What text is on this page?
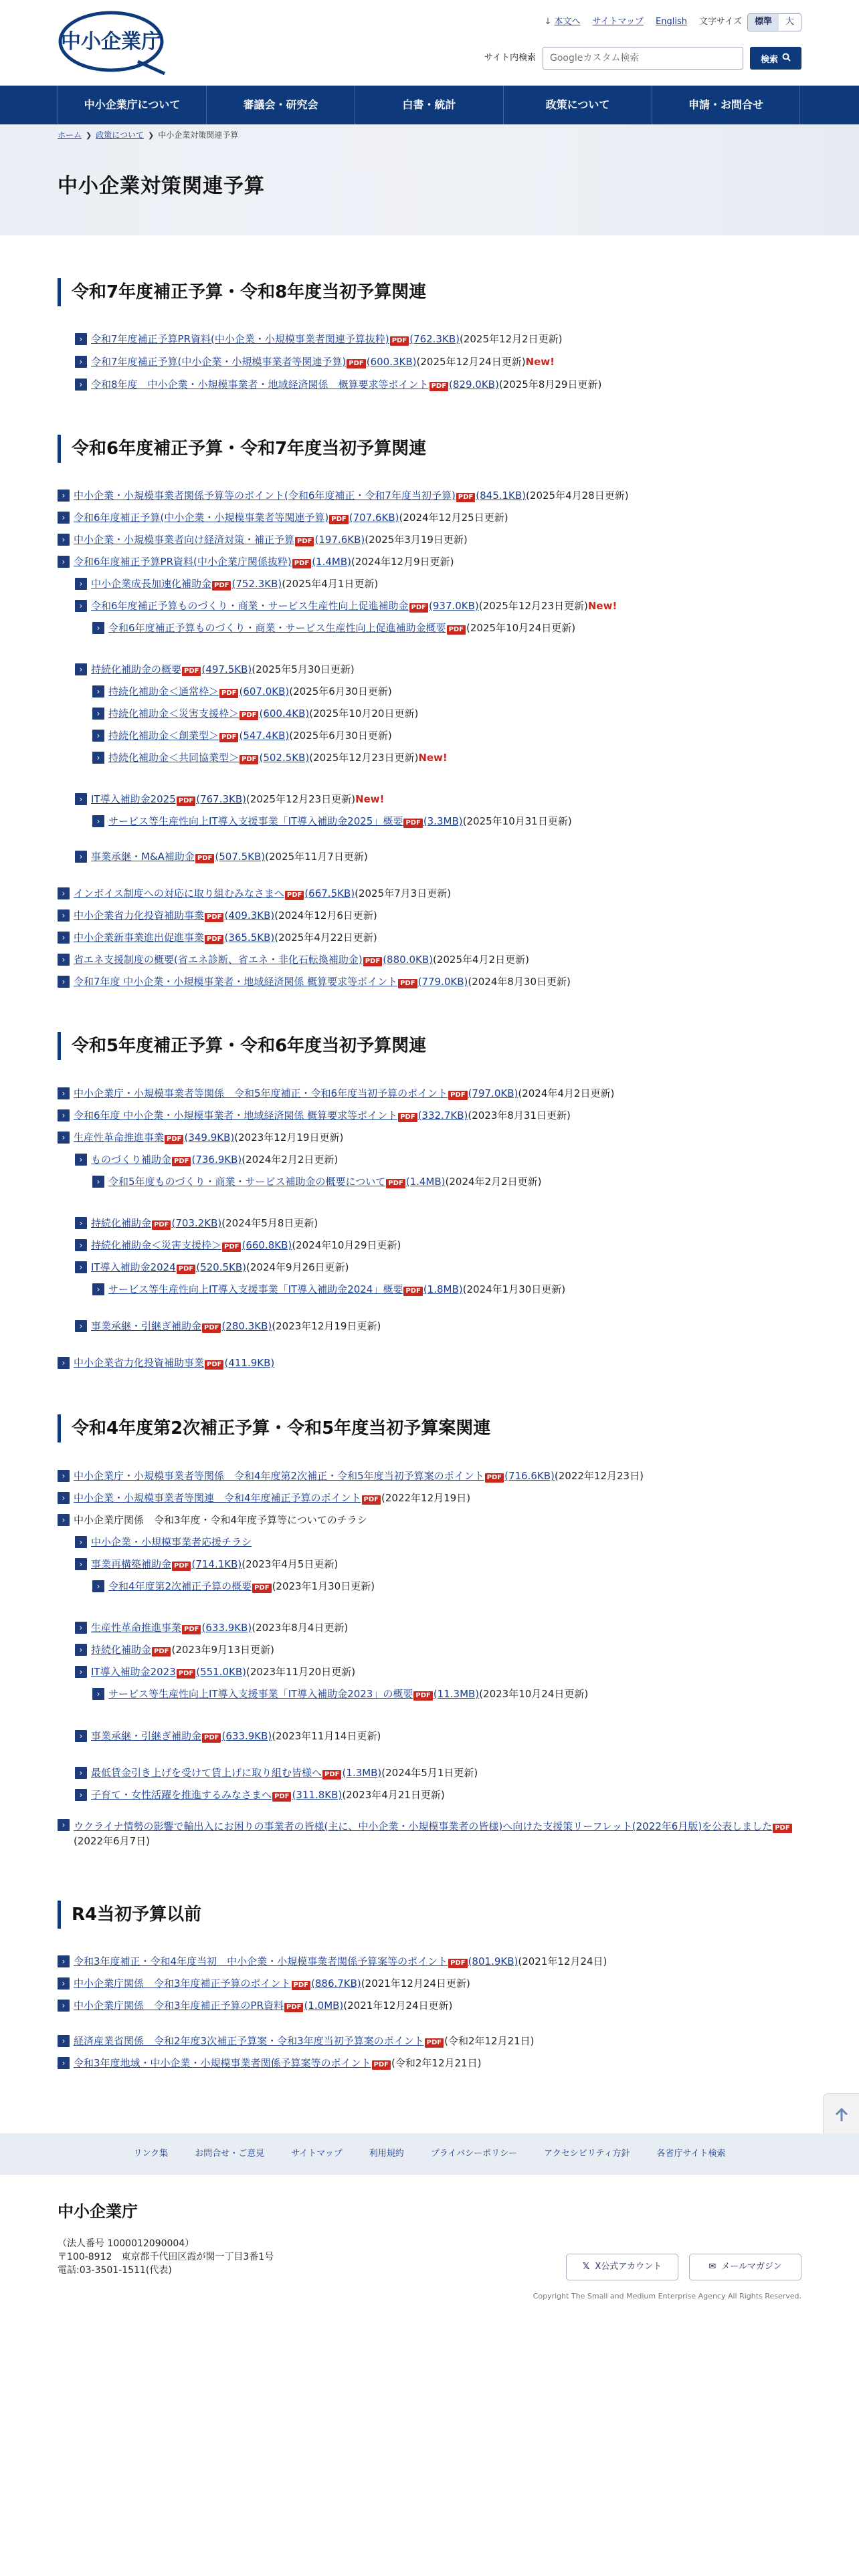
中小企業庁
↓ 本文へ サイトマップ English 文字サイズ	標準	大
サイト内検索
Googleカスタム検索	検索
中小企業庁について	審議会・研究会	白書・統計	政策について	申請・お問合せ
ホーム ❯ 政策について ❯ 中小企業対策関連予算
中小企業対策関連予算
令和7年度補正予算・令和8年度当初予算関連
令和6年度補正予算・令和7年度当初予算関連
令和5年度補正予算・令和6年度当初予算関連
令和4年度第2次補正予算・令和5年度当初予算案関連
R4当初予算以前
› 令和7年度補正予算PR資料(中小企業・小規模事業者関連予算抜粋) PDF (762.3KB)(2025年12月2日更新)
› 令和7年度補正予算(中小企業・小規模事業者等関連予算) PDF (600.3KB)(2025年12月24日更新)New!
› 令和8年度　中小企業・小規模事業者・地域経済関係　概算要求等ポイント PDF (829.0KB)(2025年8月29日更新)
› 中小企業・小規模事業者関係予算等のポイント(令和6年度補正・令和7年度当初予算) PDF (845.1KB)(2025年4月28日更新)
› 令和6年度補正予算(中小企業・小規模事業者等関連予算) PDF (707.6KB)(2024年12月25日更新)
› 中小企業・小規模事業者向け経済対策・補正予算 PDF (197.6KB)(2025年3月19日更新)
› 令和6年度補正予算PR資料(中小企業庁関係抜粋) PDF (1.4MB)(2024年12月9日更新)
› 中小企業成長加速化補助金 PDF (752.3KB)(2025年4月1日更新)
› 令和6年度補正予算ものづくり・商業・サービス生産性向上促進補助金 PDF (937.0KB)(2025年12月23日更新)New!
› 令和6年度補正予算ものづくり・商業・サービス生産性向上促進補助金概要 PDF (2025年10月24日更新)
› 持続化補助金の概要 PDF (497.5KB)(2025年5月30日更新)
› 持続化補助金＜通常枠＞ PDF (607.0KB)(2025年6月30日更新)
› 持続化補助金＜災害支援枠＞ PDF (600.4KB)(2025年10月20日更新)
› 持続化補助金＜創業型＞ PDF (547.4KB)(2025年6月30日更新)
› 持続化補助金＜共同協業型＞ PDF (502.5KB)(2025年12月23日更新)New!
› IT導入補助金2025 PDF (767.3KB)(2025年12月23日更新)New!
› サービス等生産性向上IT導入支援事業「IT導入補助金2025」概要 PDF (3.3MB)(2025年10月31日更新)
› 事業承継・M&A補助金 PDF (507.5KB)(2025年11月7日更新)
› インボイス制度への対応に取り組むみなさまへ PDF (667.5KB)(2025年7月3日更新)
› 中小企業省力化投資補助事業 PDF (409.3KB)(2024年12月6日更新)
› 中小企業新事業進出促進事業 PDF (365.5KB)(2025年4月22日更新)
› 省エネ支援制度の概要(省エネ診断、省エネ・非化石転換補助金) PDF (880.0KB)(2025年4月2日更新)
› 令和7年度 中小企業・小規模事業者・地域経済関係 概算要求等ポイント PDF (779.0KB)(2024年8月30日更新)
› 中小企業庁・小規模事業者等関係　令和5年度補正・令和6年度当初予算のポイント PDF (797.0KB)(2024年4月2日更新)
› 令和6年度 中小企業・小規模事業者・地域経済関係 概算要求等ポイント PDF (332.7KB)(2023年8月31日更新)
› 生産性革命推進事業 PDF (349.9KB)(2023年12月19日更新)
› ものづくり補助金 PDF (736.9KB)(2024年2月2日更新)
› 令和5年度ものづくり・商業・サービス補助金の概要について PDF (1.4MB)(2024年2月2日更新)
› 持続化補助金 PDF (703.2KB)(2024年5月8日更新)
› 持続化補助金＜災害支援枠＞ PDF (660.8KB)(2024年10月29日更新)
› IT導入補助金2024 PDF (520.5KB)(2024年9月26日更新)
› サービス等生産性向上IT導入支援事業「IT導入補助金2024」概要 PDF (1.8MB)(2024年1月30日更新)
› 事業承継・引継ぎ補助金 PDF (280.3KB)(2023年12月19日更新)
› 中小企業省力化投資補助事業 PDF (411.9KB)
› 中小企業庁・小規模事業者等関係　令和4年度第2次補正・令和5年度当初予算案のポイント PDF (716.6KB)(2022年12月23日)
› 中小企業・小規模事業者等関連　令和4年度補正予算のポイント PDF (2022年12月19日)
› 中小企業庁関係　令和3年度・令和4年度予算等についてのチラシ
› 中小企業・小規模事業者応援チラシ
› 事業再構築補助金 PDF (714.1KB)(2023年4月5日更新)
› 令和4年度第2次補正予算の概要 PDF (2023年1月30日更新)
› 生産性革命推進事業 PDF (633.9KB)(2023年8月4日更新)
› 持続化補助金 PDF (2023年9月13日更新)
› IT導入補助金2023 PDF (551.0KB)(2023年11月20日更新)
› サービス等生産性向上IT導入支援事業「IT導入補助金2023」の概要 PDF (11.3MB)(2023年10月24日更新)
› 事業承継・引継ぎ補助金 PDF (633.9KB)(2023年11月14日更新)
› 最低賃金引き上げを受けて賃上げに取り組む皆様へ PDF (1.3MB)(2024年5月1日更新)
› 子育て・女性活躍を推進するみなさまへ PDF (311.8KB)(2023年4月21日更新)
› ウクライナ情勢の影響で輸出入にお困りの事業者の皆様(主に、中小企業・小規模事業者の皆様)へ向けた支援策リーフレット(2022年6月版)を公表しました PDF(2022年6月7日)
› 令和3年度補正・令和4年度当初　中小企業・小規模事業者関係予算案等のポイント PDF (801.9KB)(2021年12月24日)
› 中小企業庁関係　令和3年度補正予算のポイント PDF (886.7KB)(2021年12月24日更新)
› 中小企業庁関係　令和3年度補正予算のPR資料 PDF (1.0MB)(2021年12月24日更新)
› 経済産業省関係　令和2年度3次補正予算案・令和3年度当初予算案のポイント PDF (令和2年12月21日)
› 令和3年度地域・中小企業・小規模事業者関係予算案等のポイント PDF (令和2年12月21日)
リンク集	お問合せ・ご意見	サイトマップ	利用規約	プライバシーポリシー	アクセシビリティ方針	各省庁サイト検索
中小企業庁
（法人番号 1000012090004）
〒100-8912　東京都千代田区霞が関一丁目3番1号
電話:03-3501-1511(代表)	𝕏 X公式アカウント	✉ メールマガジン
Copyright The Small and Medium Enterprise Agency All Rights Reserved.
